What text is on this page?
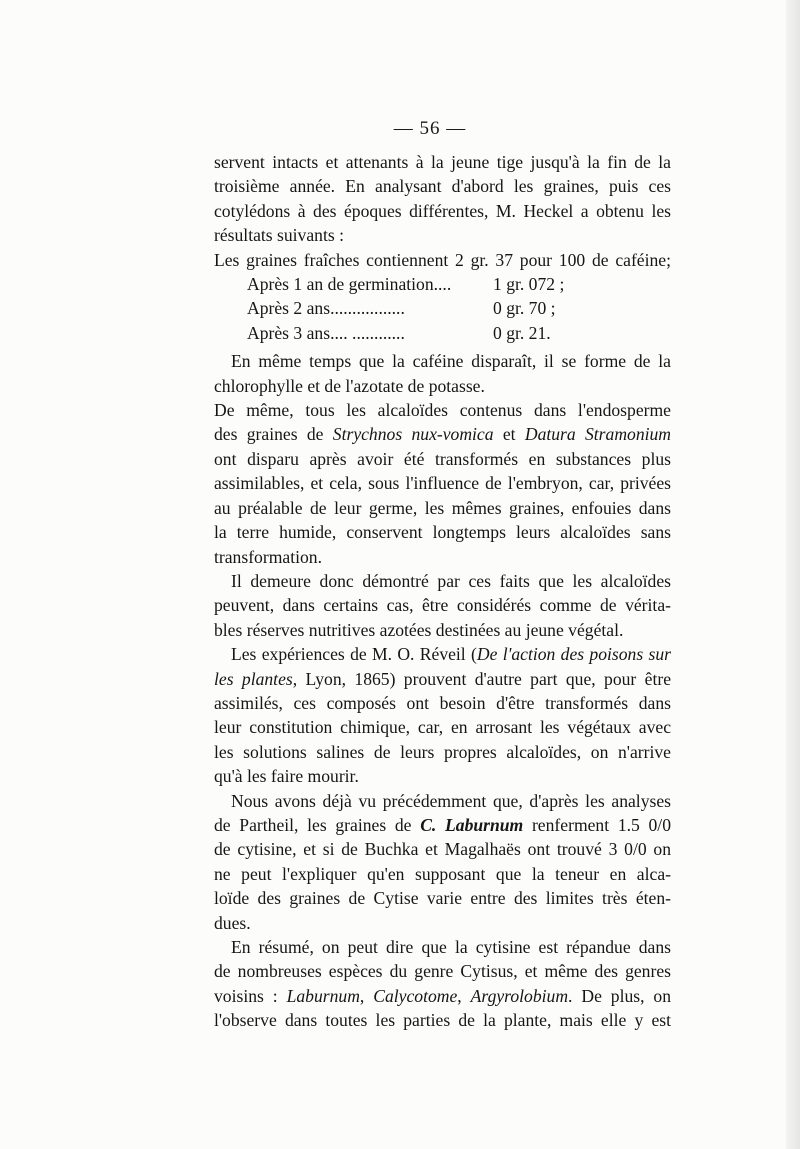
— 56 —
servent intacts et attenants à la jeune tige jusqu'à la fin de la
troisième année. En analysant d'abord les graines, puis ces
cotylédons à des époques différentes, M. Heckel a obtenu les
résultats suivants :
Les graines fraîches contiennent 2 gr. 37 pour 100 de caféine;
Après 1 an de germination....	1 gr. 072 ;
Après 2 ans.................	0 gr. 70 ;
Après 3 ans.... ............	0 gr. 21.
En même temps que la caféine disparaît, il se forme de la
chlorophylle et de l'azotate de potasse.
De même, tous les alcaloïdes contenus dans l'endosperme
des graines de Strychnos nux-vomica et Datura Stramonium
ont disparu après avoir été transformés en substances plus
assimilables, et cela, sous l'influence de l'embryon, car, privées
au préalable de leur germe, les mêmes graines, enfouies dans
la terre humide, conservent longtemps leurs alcaloïdes sans
transformation.
Il demeure donc démontré par ces faits que les alcaloïdes
peuvent, dans certains cas, être considérés comme de vérita-
bles réserves nutritives azotées destinées au jeune végétal.
Les expériences de M. O. Réveil (De l'action des poisons sur
les plantes, Lyon, 1865) prouvent d'autre part que, pour être
assimilés, ces composés ont besoin d'être transformés dans
leur constitution chimique, car, en arrosant les végétaux avec
les solutions salines de leurs propres alcaloïdes, on n'arrive
qu'à les faire mourir.
Nous avons déjà vu précédemment que, d'après les analyses
de Partheil, les graines de C. Laburnum renferment 1.5 0/0
de cytisine, et si de Buchka et Magalhaës ont trouvé 3 0/0 on
ne peut l'expliquer qu'en supposant que la teneur en alca-
loïde des graines de Cytise varie entre des limites très éten-
dues.
En résumé, on peut dire que la cytisine est répandue dans
de nombreuses espèces du genre Cytisus, et même des genres
voisins : Laburnum, Calycotome, Argyrolobium. De plus, on
l'observe dans toutes les parties de la plante, mais elle y est
